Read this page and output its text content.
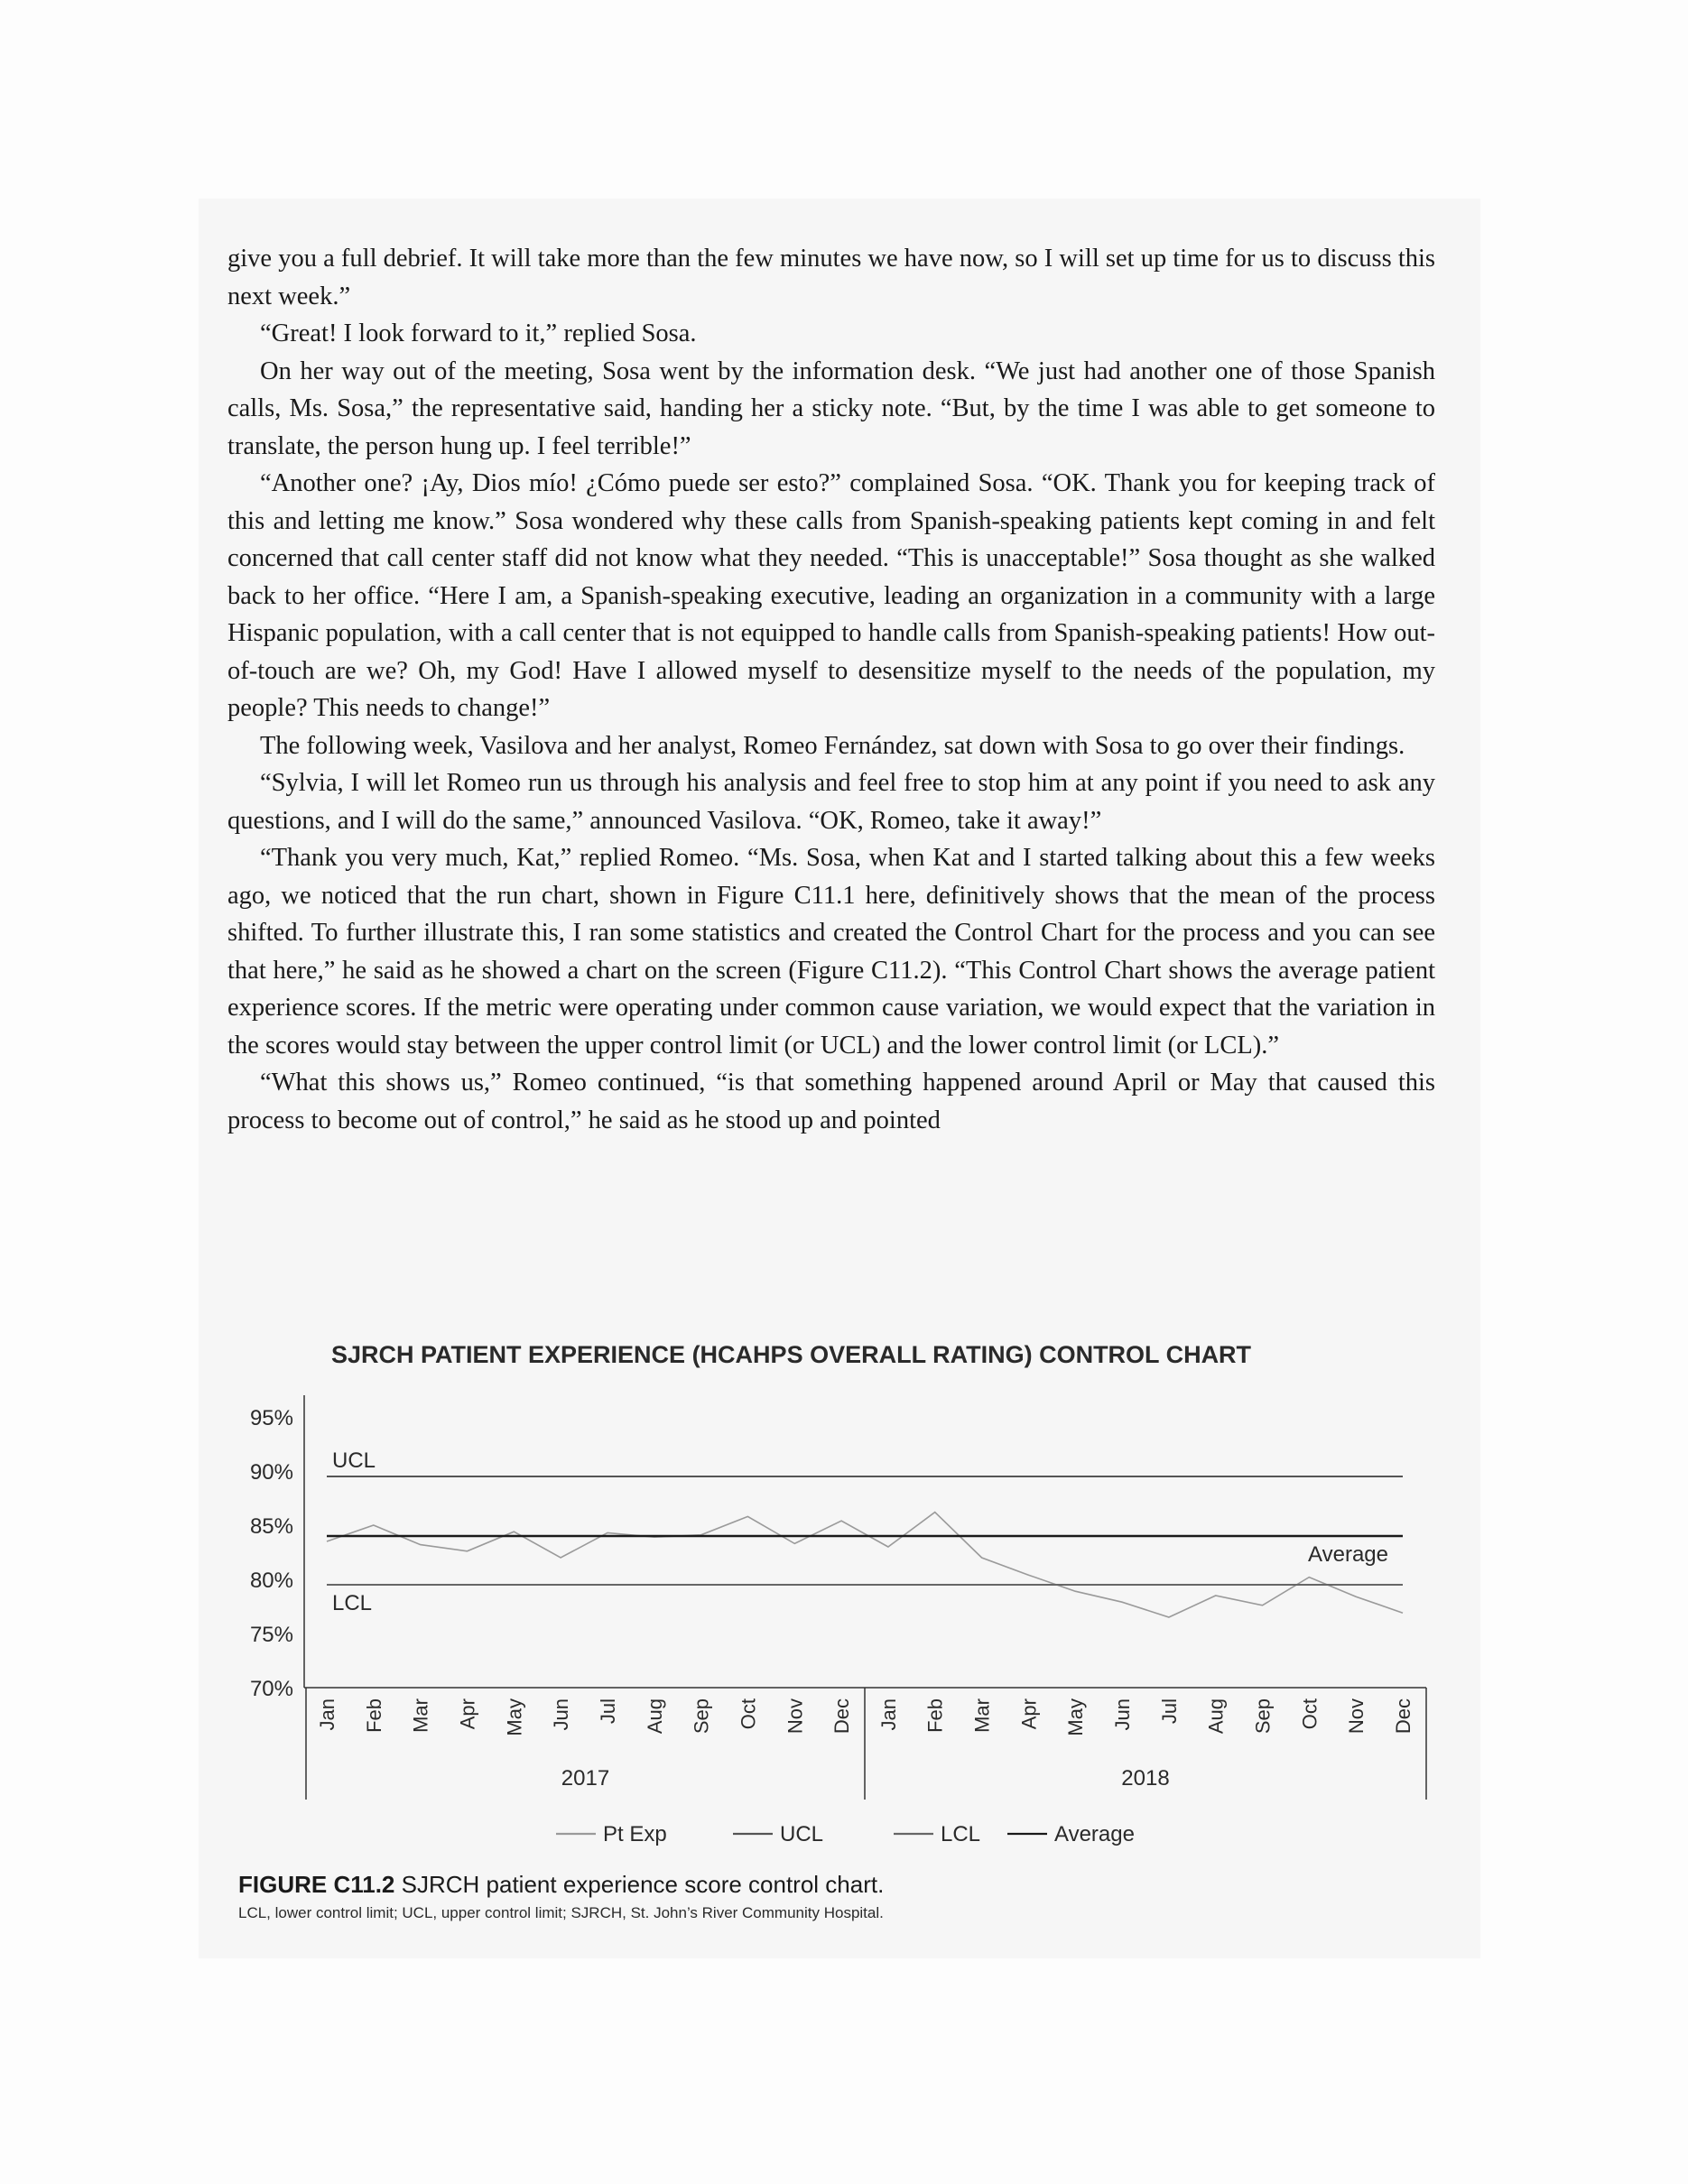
give you a full debrief. It will take more than the few minutes we have now, so I will set up time for us to discuss this next week.”

“Great! I look forward to it,” replied Sosa.

On her way out of the meeting, Sosa went by the information desk. “We just had another one of those Spanish calls, Ms. Sosa,” the representative said, handing her a sticky note. “But, by the time I was able to get someone to translate, the person hung up. I feel terrible!”

“Another one? ¡Ay, Dios mío! ¿Cómo puede ser esto?” complained Sosa. “OK. Thank you for keeping track of this and letting me know.” Sosa wondered why these calls from Spanish-speaking patients kept coming in and felt concerned that call center staff did not know what they needed. “This is unacceptable!” Sosa thought as she walked back to her office. “Here I am, a Spanish-speaking executive, leading an organization in a community with a large Hispanic population, with a call center that is not equipped to handle calls from Spanish-speaking patients! How out-of-touch are we? Oh, my God! Have I allowed myself to desensitize myself to the needs of the population, my people? This needs to change!”

The following week, Vasilova and her analyst, Romeo Fernández, sat down with Sosa to go over their findings.

“Sylvia, I will let Romeo run us through his analysis and feel free to stop him at any point if you need to ask any questions, and I will do the same,” announced Vasilova. “OK, Romeo, take it away!”

“Thank you very much, Kat,” replied Romeo. “Ms. Sosa, when Kat and I started talking about this a few weeks ago, we noticed that the run chart, shown in Figure C11.1 here, definitively shows that the mean of the process shifted. To further illustrate this, I ran some statistics and created the Control Chart for the process and you can see that here,” he said as he showed a chart on the screen (Figure C11.2). “This Control Chart shows the average patient experience scores. If the metric were operating under common cause variation, we would expect that the variation in the scores would stay between the upper control limit (or UCL) and the lower control limit (or LCL).”

“What this shows us,” Romeo continued, “is that something happened around April or May that caused this process to become out of control,” he said as he stood up and pointed

SJRCH PATIENT EXPERIENCE (HCAHPS OVERALL RATING) CONTROL CHART
70%
75%
80%
85%
90%
95%
UCL
LCL
Average
Jan Feb Mar Apr May Jun Jul Aug Sep Oct Nov Dec Jan Feb Mar Apr May Jun Jul Aug Sep Oct Nov Dec
2017	2018
Pt Exp	UCL	LCL	Average
FIGURE C11.2 SJRCH patient experience score control chart.
LCL, lower control limit; UCL, upper control limit; SJRCH, St. John’s River Community Hospital.
